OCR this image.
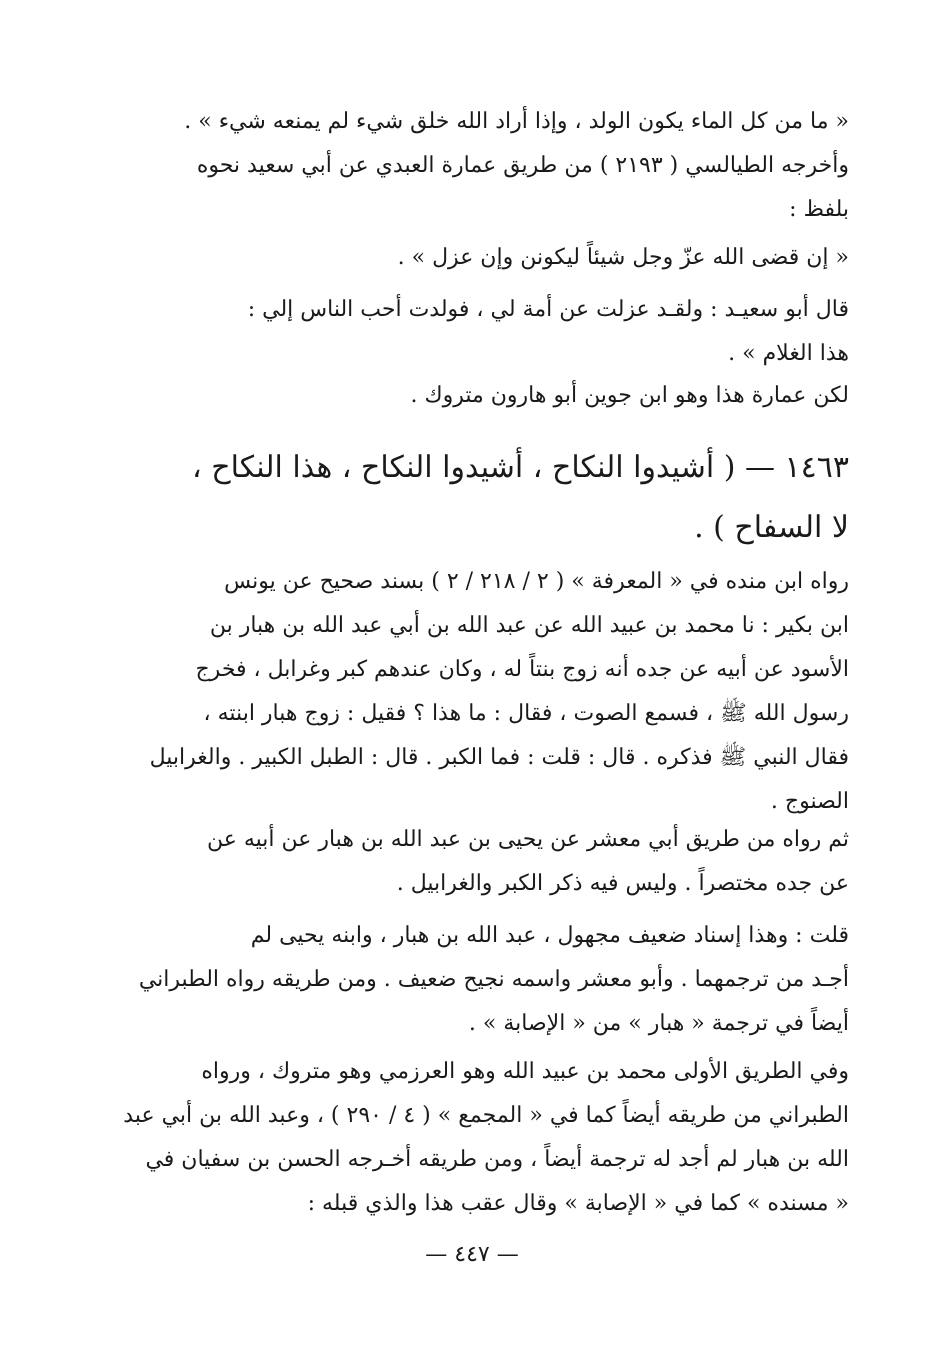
« ما من كل الماء يكون الولد ، وإذا أراد الله خلق شيء لم يمنعه شيء » .
وأخرجه الطيالسي ( ٢١٩٣ ) من طريق عمارة العبدي عن أبي سعيد نحوه
بلفظ :
« إن قضى الله عزّ وجل شيئاً ليكونن وإن عزل » .
قال أبو سعيـد : ولقـد عزلت عن أمة لي ، فولدت أحب الناس إلي :
هذا الغلام » .
لكن عمارة هذا وهو ابن جوين أبو هارون متروك .
١٤٦٣ — ( أشيدوا النكاح ، أشيدوا النكاح ، هذا النكاح ،
لا السفاح ) .
رواه ابن منده في « المعرفة » ( ٢ / ٢١٨ / ٢ ) بسند صحيح عن يونس
ابن بكير : نا محمد بن عبيد الله عن عبد الله بن أبي عبد الله بن هبار بن
الأسود عن أبيه عن جده أنه زوج بنتاً له ، وكان عندهم كبر وغرابل ، فخرج
رسول الله ﷺ ، فسمع الصوت ، فقال : ما هذا ؟ فقيل : زوج هبار ابنته ،
فقال النبي ﷺ فذكره . قال : قلت : فما الكبر . قال : الطبل الكبير . والغرابيل
الصنوج .
ثم رواه من طريق أبي معشر عن يحيى بن عبد الله بن هبار عن أبيه عن
عن جده مختصراً . وليس فيه ذكر الكبر والغرابيل .
قلت : وهذا إسناد ضعيف مجهول ، عبد الله بن هبار ، وابنه يحيى لم
أجـد من ترجمهما . وأبو معشر واسمه نجيح ضعيف . ومن طريقه رواه الطبراني
أيضاً في ترجمة « هبار » من « الإصابة » .
وفي الطريق الأولى محمد بن عبيد الله وهو العرزمي وهو متروك ، ورواه
الطبراني من طريقه أيضاً كما في « المجمع » ( ٤ / ٢٩٠ ) ، وعبد الله بن أبي عبد
الله بن هبار لم أجد له ترجمة أيضاً ، ومن طريقه أخـرجه الحسن بن سفيان في
« مسنده » كما في « الإصابة » وقال عقب هذا والذي قبله :
— ٤٤٧ —
